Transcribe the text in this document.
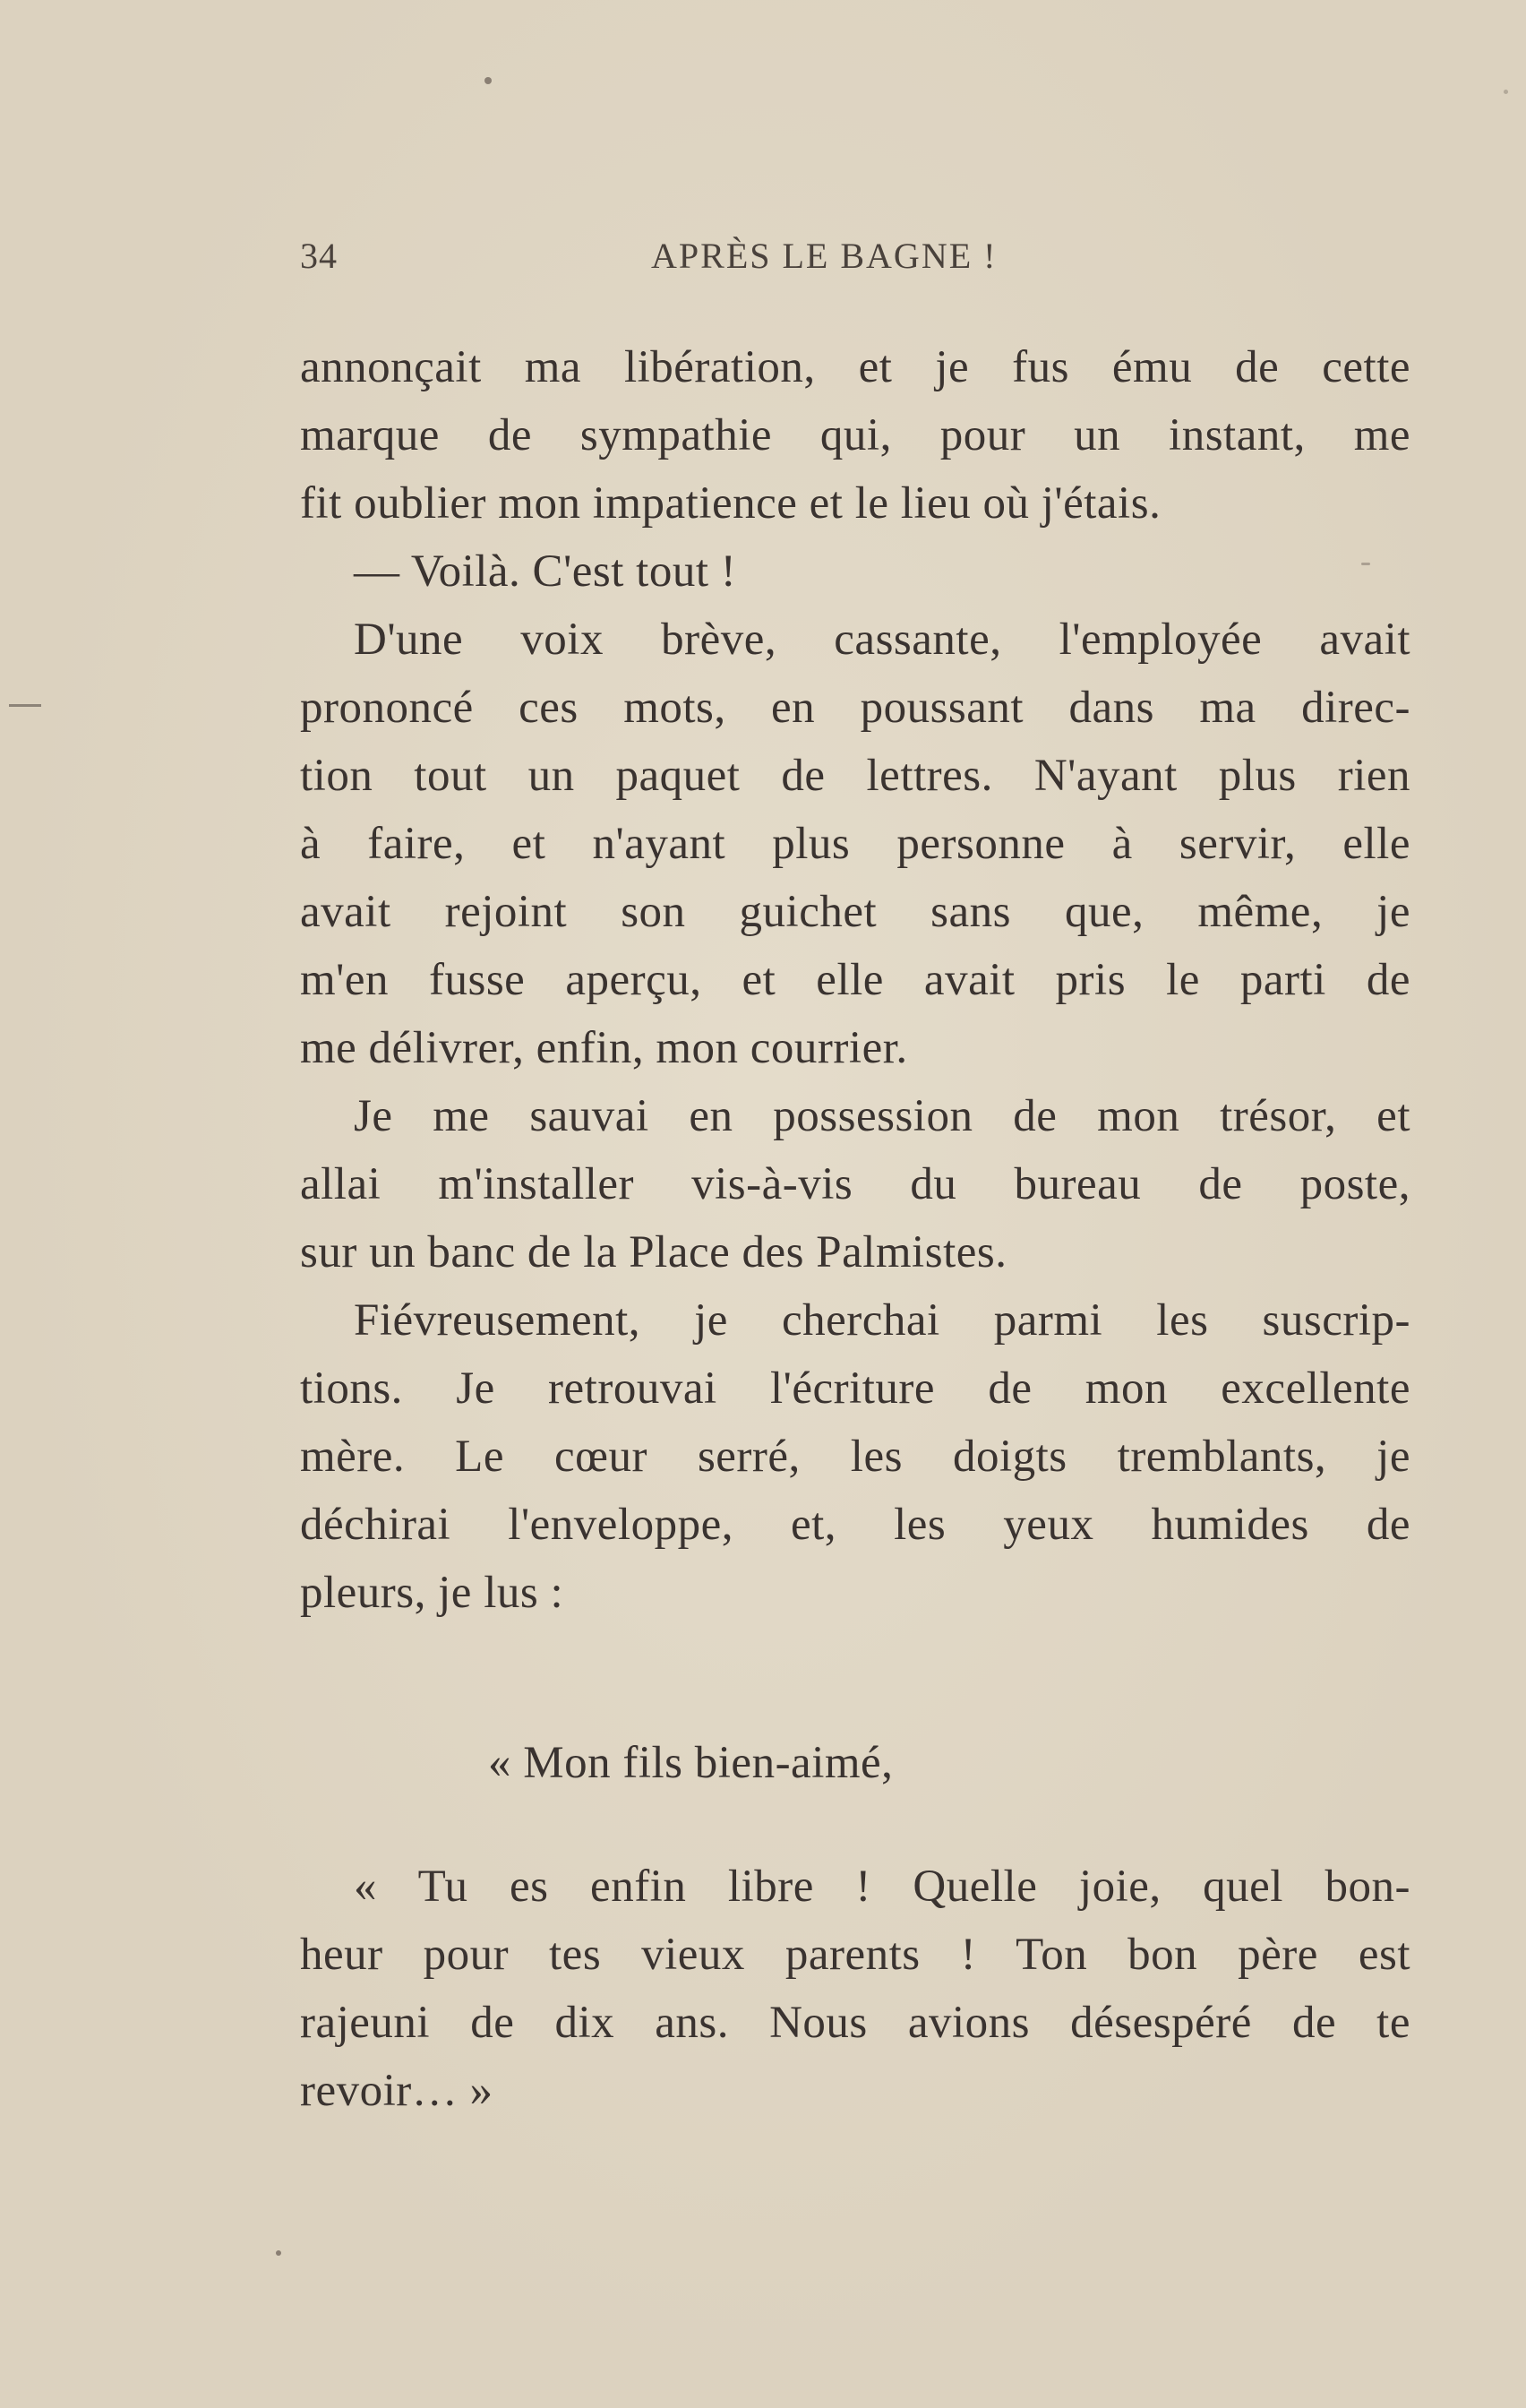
34	APRÈS LE BAGNE !
annonçait ma libération, et je fus ému de cette
marque de sympathie qui, pour un instant, me
fit oublier mon impatience et le lieu où j'étais.
— Voilà. C'est tout !
D'une voix brève, cassante, l'employée avait
prononcé ces mots, en poussant dans ma direc-
tion tout un paquet de lettres. N'ayant plus rien
à faire, et n'ayant plus personne à servir, elle
avait rejoint son guichet sans que, même, je
m'en fusse aperçu, et elle avait pris le parti de
me délivrer, enfin, mon courrier.
Je me sauvai en possession de mon trésor, et
allai m'installer vis-à-vis du bureau de poste,
sur un banc de la Place des Palmistes.
Fiévreusement, je cherchai parmi les suscrip-
tions. Je retrouvai l'écriture de mon excellente
mère. Le cœur serré, les doigts tremblants, je
déchirai l'enveloppe, et, les yeux humides de
pleurs, je lus :
« Mon fils bien-aimé,
« Tu es enfin libre ! Quelle joie, quel bon-
heur pour tes vieux parents ! Ton bon père est
rajeuni de dix ans. Nous avions désespéré de te
revoir… »
